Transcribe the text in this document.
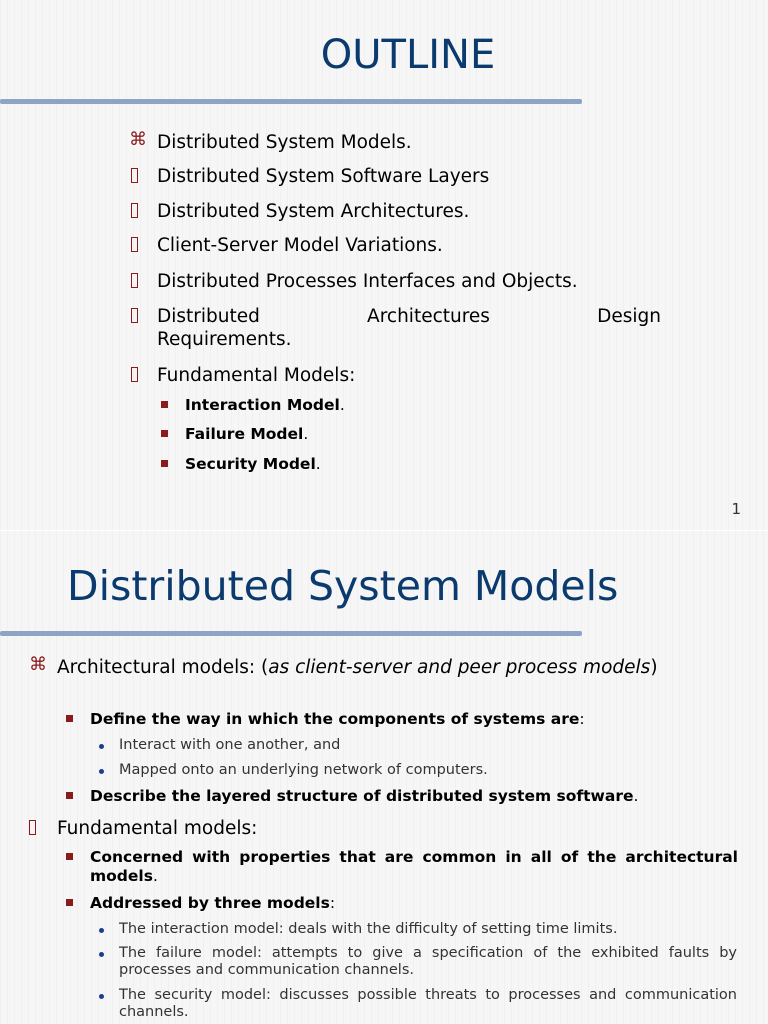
OUTLINE
⌘ Distributed System Models.
Distributed System Software Layers
Distributed System Architectures.
Client-Server Model Variations.
Distributed Processes Interfaces and Objects.
Distributed Architectures Design
Requirements.
Fundamental Models:
Interaction Model.
Failure Model.
Security Model.
1
Distributed System Models
⌘ Architectural models: (as client-server and peer process models)
Define the way in which the components of systems are:
Interact with one another, and
Mapped onto an underlying network of computers.
Describe the layered structure of distributed system software.
Fundamental models:
Concerned with properties that are common in all of the architectural models.
Addressed by three models:
The interaction model: deals with the difficulty of setting time limits.
The failure model: attempts to give a specification of the exhibited faults by processes and communication channels.
The security model: discusses possible threats to processes and communication channels.
